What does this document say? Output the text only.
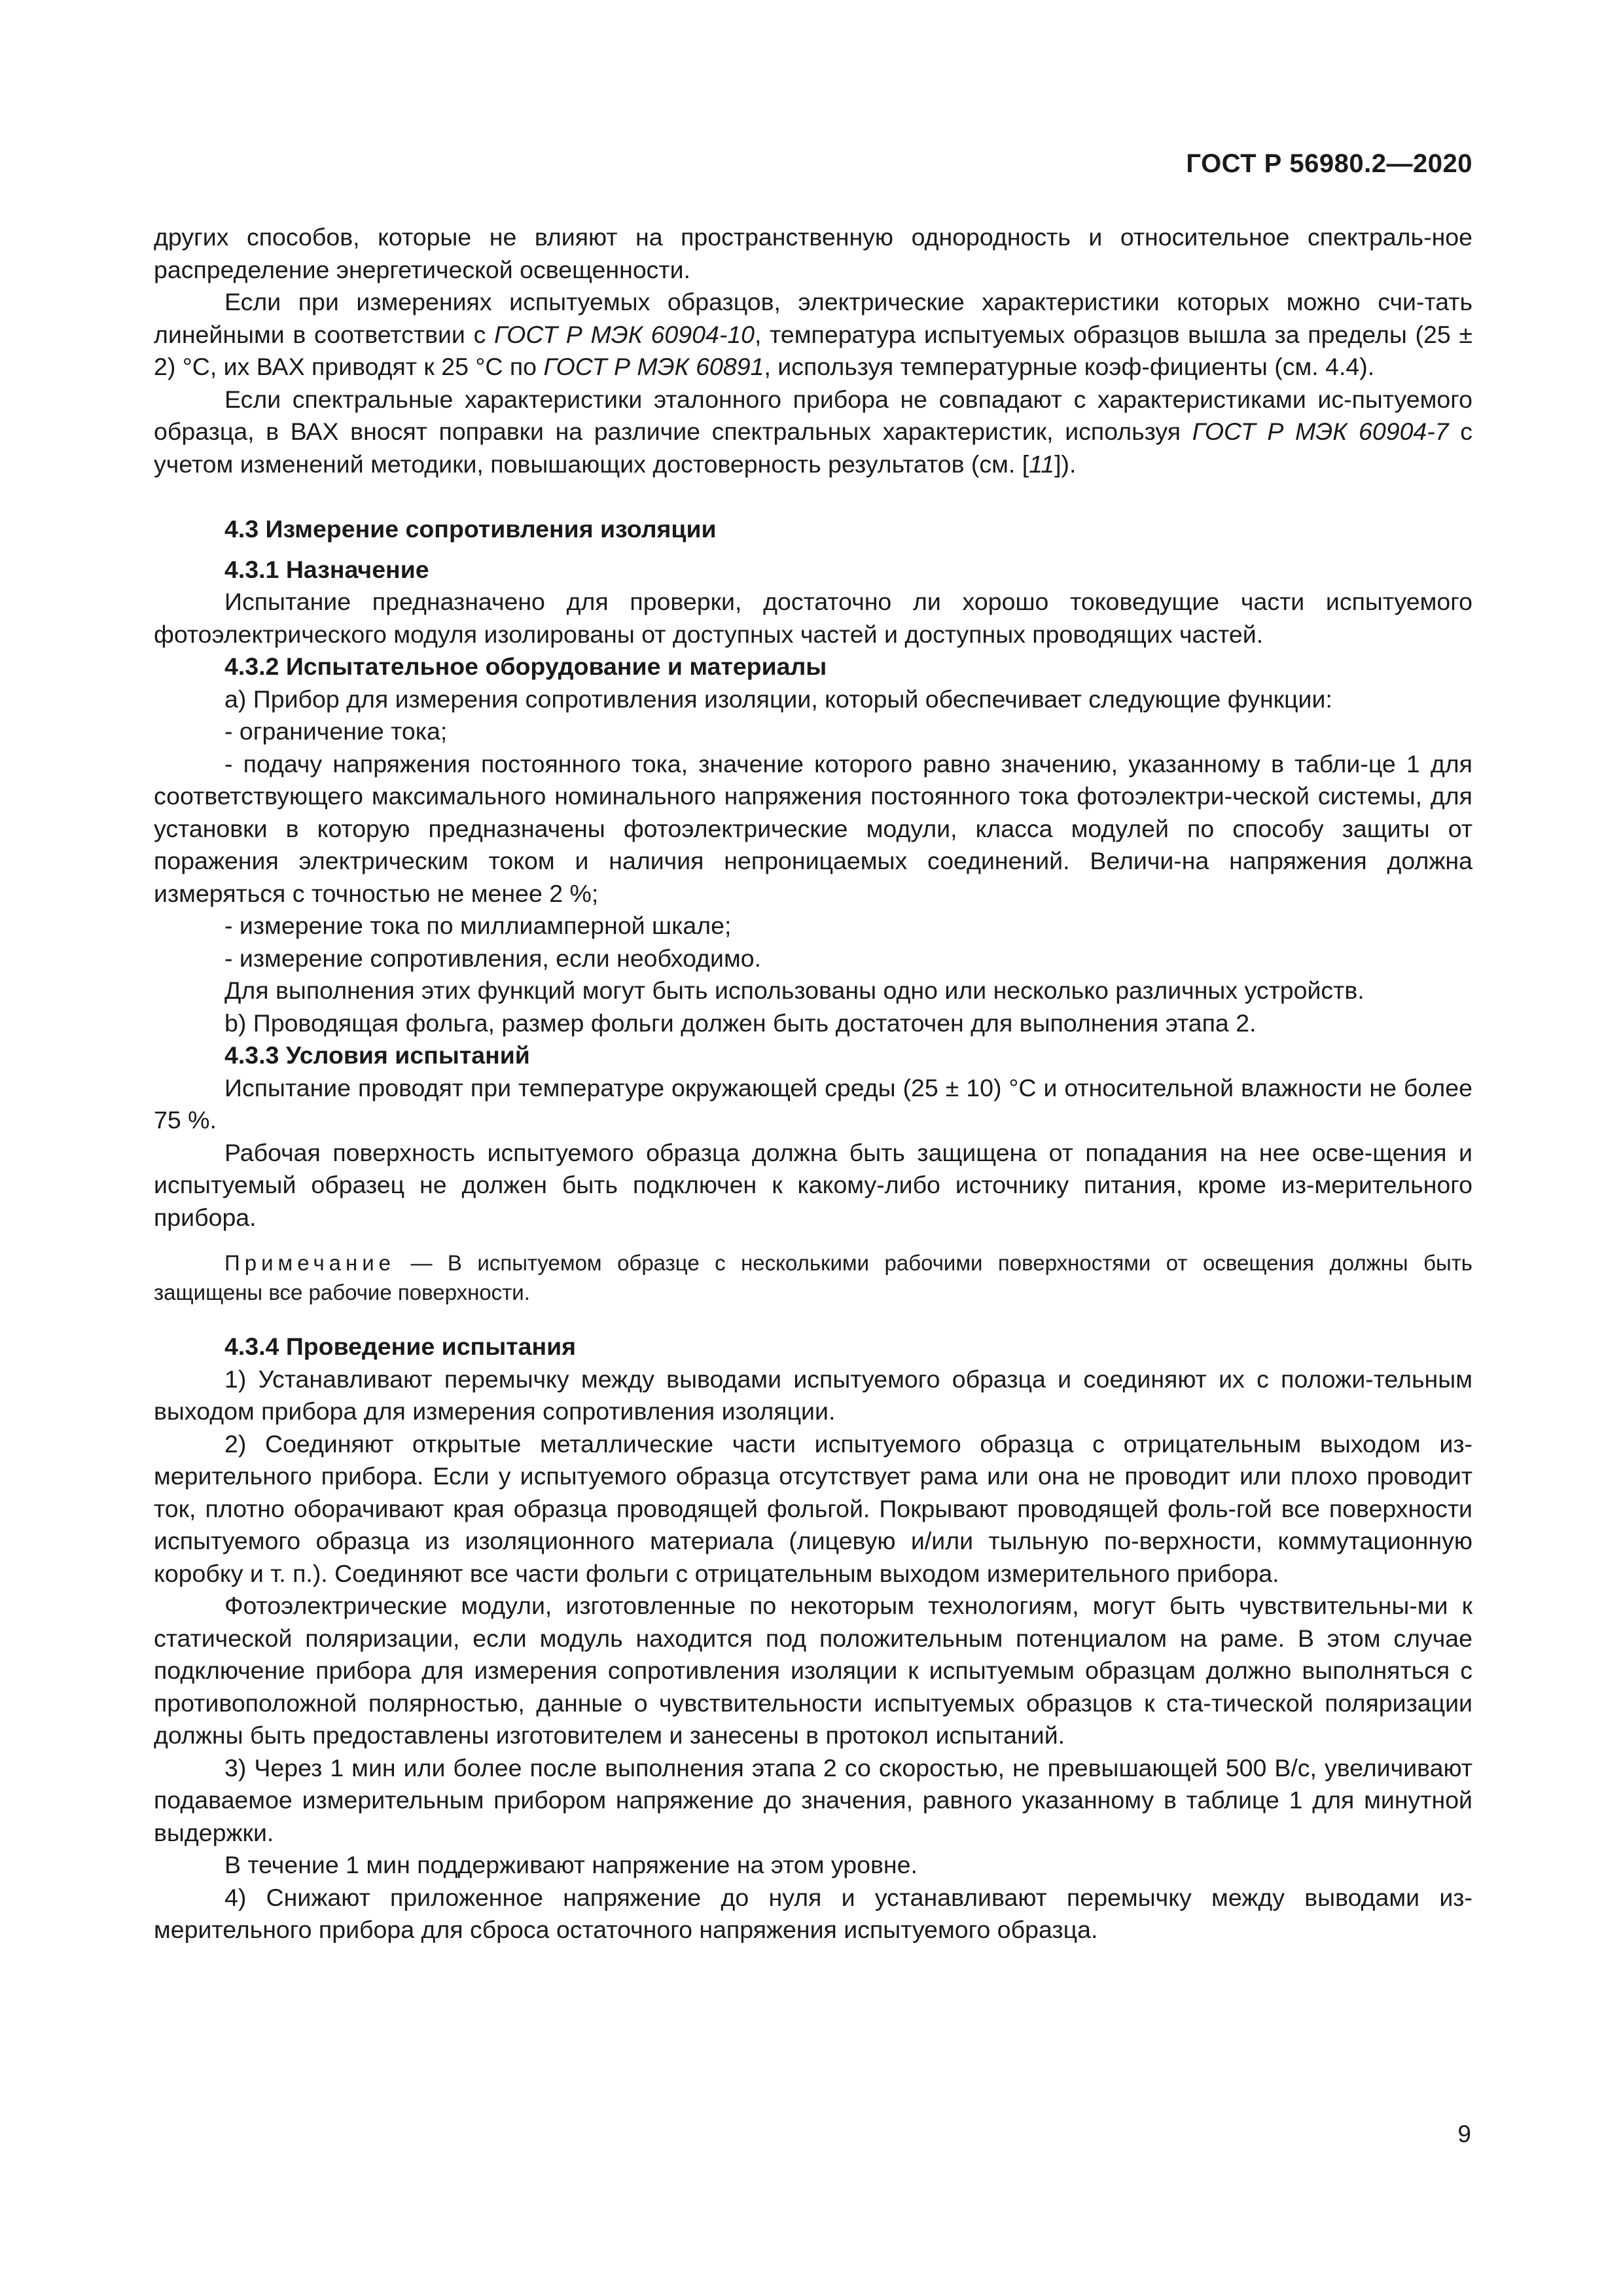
ГОСТ Р 56980.2—2020

других способов, которые не влияют на пространственную однородность и относительное спектраль-ное распределение энергетической освещенности.

Если при измерениях испытуемых образцов, электрические характеристики которых можно счи-тать линейными в соответствии с ГОСТ Р МЭК 60904-10, температура испытуемых образцов вышла за пределы (25 ± 2) °С, их ВАХ приводят к 25 °С по ГОСТ Р МЭК 60891, используя температурные коэф-фициенты (см. 4.4).

Если спектральные характеристики эталонного прибора не совпадают с характеристиками ис-пытуемого образца, в ВАХ вносят поправки на различие спектральных характеристик, используя ГОСТ Р МЭК 60904-7 с учетом изменений методики, повышающих достоверность результатов (см. [11]).

4.3 Измерение сопротивления изоляции

4.3.1 Назначение

Испытание предназначено для проверки, достаточно ли хорошо токоведущие части испытуемого фотоэлектрического модуля изолированы от доступных частей и доступных проводящих частей.

4.3.2 Испытательное оборудование и материалы

а) Прибор для измерения сопротивления изоляции, который обеспечивает следующие функции:

- ограничение тока;

- подачу напряжения постоянного тока, значение которого равно значению, указанному в табли-це 1 для соответствующего максимального номинального напряжения постоянного тока фотоэлектри-ческой системы, для установки в которую предназначены фотоэлектрические модули, класса модулей по способу защиты от поражения электрическим током и наличия непроницаемых соединений. Величи-на напряжения должна измеряться с точностью не менее 2 %;

- измерение тока по миллиамперной шкале;

- измерение сопротивления, если необходимо.

Для выполнения этих функций могут быть использованы одно или несколько различных устройств.

b) Проводящая фольга, размер фольги должен быть достаточен для выполнения этапа 2.

4.3.3 Условия испытаний

Испытание проводят при температуре окружающей среды (25 ± 10) °С и относительной влажности не более 75 %.

Рабочая поверхность испытуемого образца должна быть защищена от попадания на нее осве-щения и испытуемый образец не должен быть подключен к какому-либо источнику питания, кроме из-мерительного прибора.

Примечание — В испытуемом образце с несколькими рабочими поверхностями от освещения должны быть защищены все рабочие поверхности.

4.3.4 Проведение испытания

1) Устанавливают перемычку между выводами испытуемого образца и соединяют их с положи-тельным выходом прибора для измерения сопротивления изоляции.

2) Соединяют открытые металлические части испытуемого образца с отрицательным выходом из-мерительного прибора. Если у испытуемого образца отсутствует рама или она не проводит или плохо проводит ток, плотно оборачивают края образца проводящей фольгой. Покрывают проводящей фоль-гой все поверхности испытуемого образца из изоляционного материала (лицевую и/или тыльную по-верхности, коммутационную коробку и т. п.). Соединяют все части фольги с отрицательным выходом измерительного прибора.

Фотоэлектрические модули, изготовленные по некоторым технологиям, могут быть чувствительны-ми к статической поляризации, если модуль находится под положительным потенциалом на раме. В этом случае подключение прибора для измерения сопротивления изоляции к испытуемым образцам должно выполняться с противоположной полярностью, данные о чувствительности испытуемых образцов к ста-тической поляризации должны быть предоставлены изготовителем и занесены в протокол испытаний.

3) Через 1 мин или более после выполнения этапа 2 со скоростью, не превышающей 500 В/с, увеличивают подаваемое измерительным прибором напряжение до значения, равного указанному в таблице 1 для минутной выдержки.

В течение 1 мин поддерживают напряжение на этом уровне.

4) Снижают приложенное напряжение до нуля и устанавливают перемычку между выводами из-мерительного прибора для сброса остаточного напряжения испытуемого образца.

9
